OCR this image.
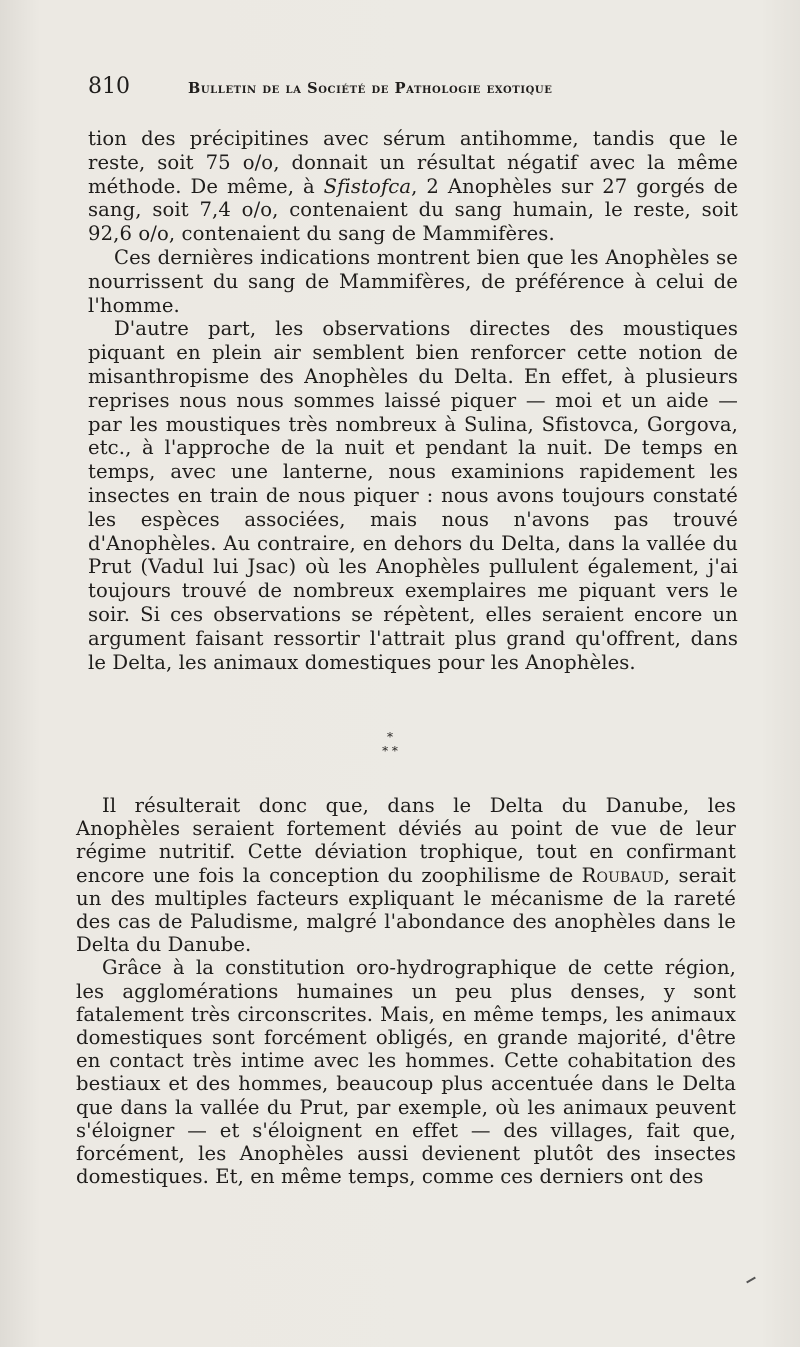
810	Bulletin de la Société de Pathologie exotique

tion des précipitines avec sérum antihomme, tandis que le reste, soit 75 o/o, donnait un résultat négatif avec la même méthode. De même, à Sfistofca, 2 Anophèles sur 27 gorgés de sang, soit 7,4 o/o, contenaient du sang humain, le reste, soit 92,6 o/o, contenaient du sang de Mammifères.

Ces dernières indications montrent bien que les Anophèles se nourrissent du sang de Mammifères, de préférence à celui de l'homme.

D'autre part, les observations directes des moustiques piquant en plein air semblent bien renforcer cette notion de misanthropisme des Anophèles du Delta. En effet, à plusieurs reprises nous nous sommes laissé piquer — moi et un aide — par les moustiques très nombreux à Sulina, Sfistovca, Gorgova, etc., à l'approche de la nuit et pendant la nuit. De temps en temps, avec une lanterne, nous examinions rapidement les insectes en train de nous piquer : nous avons toujours constaté les espèces associées, mais nous n'avons pas trouvé d'Anophèles. Au contraire, en dehors du Delta, dans la vallée du Prut (Vadul lui Jsac) où les Anophèles pullulent également, j'ai toujours trouvé de nombreux exemplaires me piquant vers le soir. Si ces observations se répètent, elles seraient encore un argument faisant ressortir l'attrait plus grand qu'offrent, dans le Delta, les animaux domestiques pour les Anophèles.

*
* *

Il résulterait donc que, dans le Delta du Danube, les Anophèles seraient fortement déviés au point de vue de leur régime nutritif. Cette déviation trophique, tout en confirmant encore une fois la conception du zoophilisme de Roubaud, serait un des multiples facteurs expliquant le mécanisme de la rareté des cas de Paludisme, malgré l'abondance des anophèles dans le Delta du Danube.

Grâce à la constitution oro-hydrographique de cette région, les agglomérations humaines un peu plus denses, y sont fatalement très circonscrites. Mais, en même temps, les animaux domestiques sont forcément obligés, en grande majorité, d'être en contact très intime avec les hommes. Cette cohabitation des bestiaux et des hommes, beaucoup plus accentuée dans le Delta que dans la vallée du Prut, par exemple, où les animaux peuvent s'éloigner — et s'éloignent en effet — des villages, fait que, forcément, les Anophèles aussi devienent plutôt des insectes domestiques. Et, en même temps, comme ces derniers ont des
